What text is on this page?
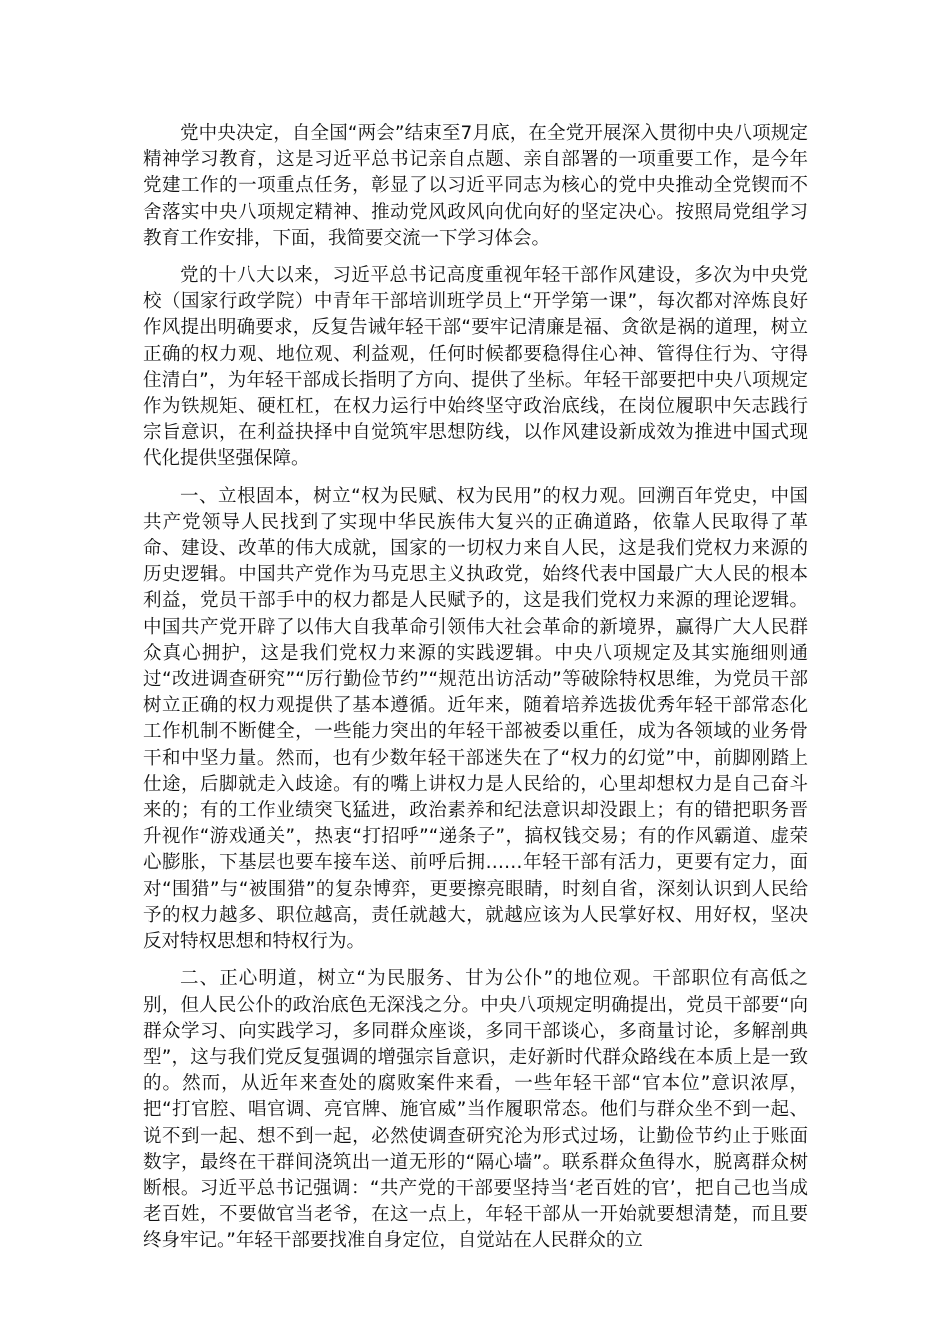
党中央决定，自全国“两会”结束至7月底，在全党开展深入贯彻中央八项规定精神学习教育，这是习近平总书记亲自点题、亲自部署的一项重要工作，是今年党建工作的一项重点任务，彰显了以习近平同志为核心的党中央推动全党锲而不舍落实中央八项规定精神、推动党风政风向优向好的坚定决心。按照局党组学习教育工作安排，下面，我简要交流一下学习体会。

党的十八大以来，习近平总书记高度重视年轻干部作风建设，多次为中央党校（国家行政学院）中青年干部培训班学员上“开学第一课”，每次都对淬炼良好作风提出明确要求，反复告诫年轻干部“要牢记清廉是福、贪欲是祸的道理，树立正确的权力观、地位观、利益观，任何时候都要稳得住心神、管得住行为、守得住清白”，为年轻干部成长指明了方向、提供了坐标。年轻干部要把中央八项规定作为铁规矩、硬杠杠，在权力运行中始终坚守政治底线，在岗位履职中矢志践行宗旨意识，在利益抉择中自觉筑牢思想防线，以作风建设新成效为推进中国式现代化提供坚强保障。

一、立根固本，树立“权为民赋、权为民用”的权力观。回溯百年党史，中国共产党领导人民找到了实现中华民族伟大复兴的正确道路，依靠人民取得了革命、建设、改革的伟大成就，国家的一切权力来自人民，这是我们党权力来源的历史逻辑。中国共产党作为马克思主义执政党，始终代表中国最广大人民的根本利益，党员干部手中的权力都是人民赋予的，这是我们党权力来源的理论逻辑。中国共产党开辟了以伟大自我革命引领伟大社会革命的新境界，赢得广大人民群众真心拥护，这是我们党权力来源的实践逻辑。中央八项规定及其实施细则通过“改进调查研究”“厉行勤俭节约”“规范出访活动”等破除特权思维，为党员干部树立正确的权力观提供了基本遵循。近年来，随着培养选拔优秀年轻干部常态化工作机制不断健全，一些能力突出的年轻干部被委以重任，成为各领域的业务骨干和中坚力量。然而，也有少数年轻干部迷失在了“权力的幻觉”中，前脚刚踏上仕途，后脚就走入歧途。有的嘴上讲权力是人民给的，心里却想权力是自己奋斗来的；有的工作业绩突飞猛进，政治素养和纪法意识却没跟上；有的错把职务晋升视作“游戏通关”，热衷“打招呼”“递条子”，搞权钱交易；有的作风霸道、虚荣心膨胀，下基层也要车接车送、前呼后拥……年轻干部有活力，更要有定力，面对“围猎”与“被围猎”的复杂博弈，更要擦亮眼睛，时刻自省，深刻认识到人民给予的权力越多、职位越高，责任就越大，就越应该为人民掌好权、用好权，坚决反对特权思想和特权行为。

二、正心明道，树立“为民服务、甘为公仆”的地位观。干部职位有高低之别，但人民公仆的政治底色无深浅之分。中央八项规定明确提出，党员干部要“向群众学习、向实践学习，多同群众座谈，多同干部谈心，多商量讨论，多解剖典型”，这与我们党反复强调的增强宗旨意识，走好新时代群众路线在本质上是一致的。然而，从近年来查处的腐败案件来看，一些年轻干部“官本位”意识浓厚，把“打官腔、唱官调、亮官牌、施官威”当作履职常态。他们与群众坐不到一起、说不到一起、想不到一起，必然使调查研究沦为形式过场，让勤俭节约止于账面数字，最终在干群间浇筑出一道无形的“隔心墙”。联系群众鱼得水，脱离群众树断根。习近平总书记强调：“共产党的干部要坚持当‘老百姓的官’，把自己也当成老百姓，不要做官当老爷，在这一点上，年轻干部从一开始就要想清楚，而且要终身牢记。”年轻干部要找准自身定位，自觉站在人民群众的立
